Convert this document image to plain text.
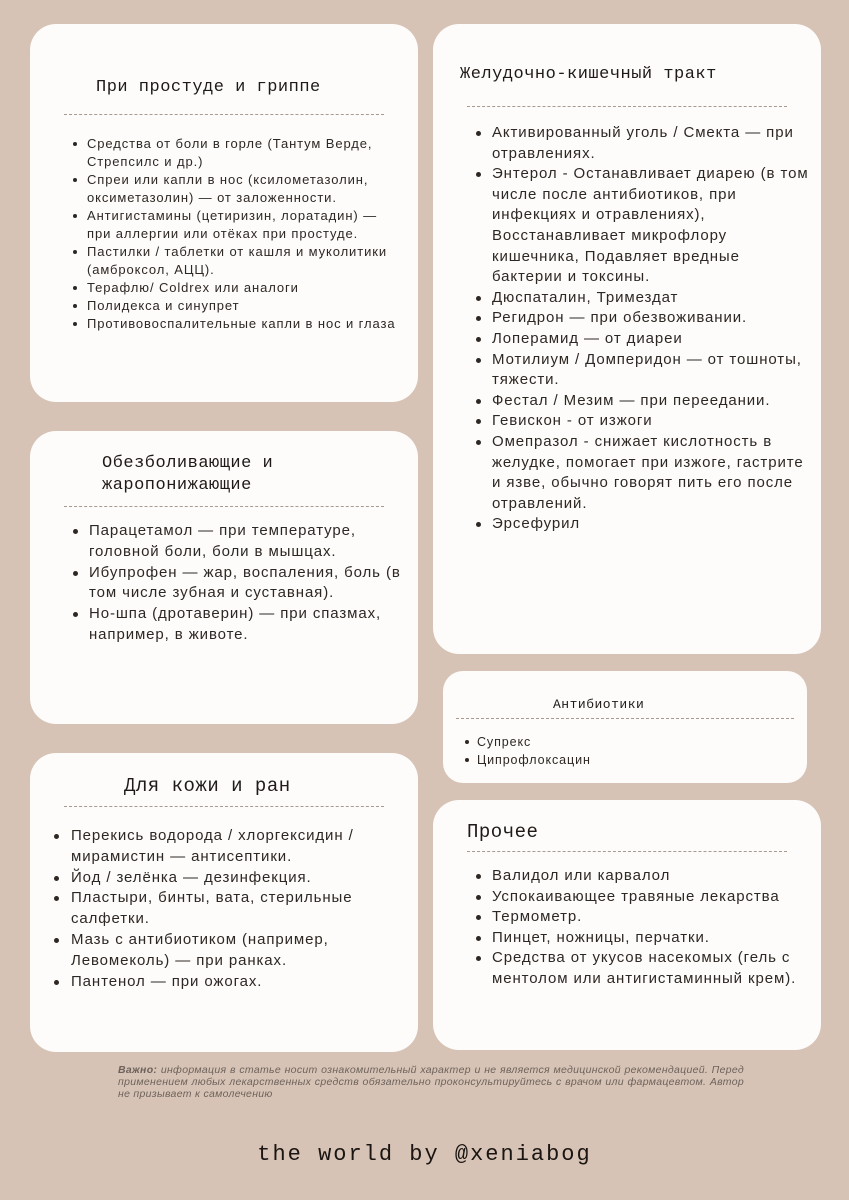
При простуде и гриппе
Средства от боли в горле (Тантум Верде, Стрепсилс и др.)
Спреи или капли в нос (ксилометазолин, оксиметазолин) — от заложенности.
Антигистамины (цетиризин, лоратадин) — при аллергии или отёках при простуде.
Пастилки / таблетки от кашля и муколитики (амброксол, АЦЦ).
Терафлю/ Coldrex или аналоги
Полидекса и синупрет
Противовоспалительные капли в нос и глаза
Желудочно-кишечный тракт
Активированный уголь / Смекта — при отравлениях.
Энтерол - Останавливает диарею (в том числе после антибиотиков, при инфекциях и отравлениях), Восстанавливает микрофлору кишечника, Подавляет вредные бактерии и токсины.
Дюспаталин, Тримездат
Регидрон — при обезвоживании.
Лоперамид — от диареи
Мотилиум / Домперидон — от тошноты, тяжести.
Фестал / Мезим — при переедании.
Гевискон - от изжоги
Омепразол - снижает кислотность в желудке, помогает при изжоге, гастрите и язве, обычно говорят пить его после отравлений.
Эрсефурил
Обезболивающие и жаропонижающие
Парацетамол — при температуре, головной боли, боли в мышцах.
Ибупрофен — жар, воспаления, боль (в том числе зубная и суставная).
Но-шпа (дротаверин) — при спазмах, например, в животе.
Антибиотики
Супрекс
Ципрофлоксацин
Для кожи и ран
Перекись водорода / хлоргексидин / мирамистин — антисептики.
Йод / зелёнка — дезинфекция.
Пластыри, бинты, вата, стерильные салфетки.
Мазь с антибиотиком (например, Левомеколь) — при ранках.
Пантенол — при ожогах.
Прочее
Валидол или карвалол
Успокаивающее травяные лекарства
Термометр.
Пинцет, ножницы, перчатки.
Средства от укусов насекомых (гель с ментолом или антигистаминный крем).

Важно: информация в статье носит ознакомительный характер и не является медицинской рекомендацией. Перед применением любых лекарственных средств обязательно проконсультируйтесь с врачом или фармацевтом. Автор не призывает к самолечению

the world by @xeniabog
